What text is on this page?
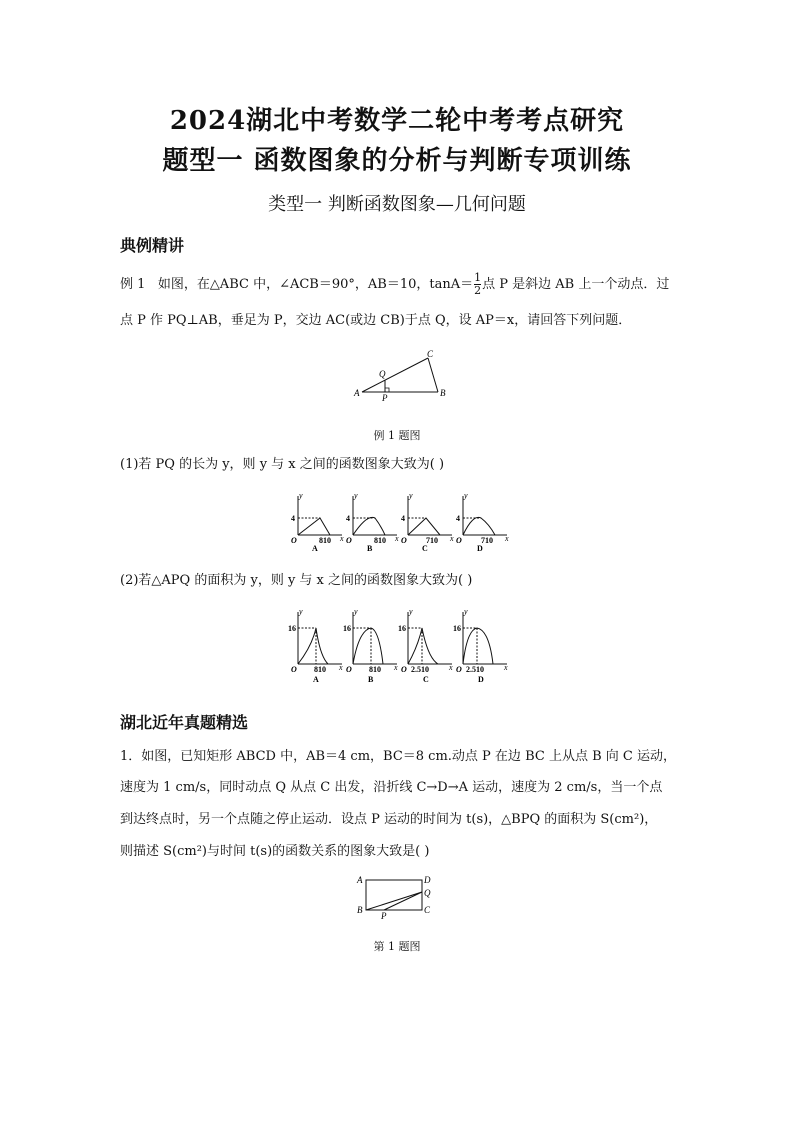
2024湖北中考数学二轮中考考点研究
题型一 函数图象的分析与判断专项训练
类型一 判断函数图象—几何问题
典例精讲
例 1 如图，在△ABC 中，∠ACB＝90°，AB＝10，$\tan A= \frac{1}{2}$ 点 P 是斜边 AB 上一个动点．过
点 P 作 PQ⊥AB，垂足为 P，交边 AC(或边 CB)于点 Q，设 AP＝x，请回答下列问题．
A	B
C
P
Q
例 1 题图
(1)若 PQ 的长为 y，则 y 与 x 之间的函数图象大致为( )
y
4
O	810 x
A
y
4
O	810 x
B
y
4
O 710 x
C
y
4
O 710 x
D
(2)若△APQ 的面积为 y，则 y 与 x 之间的函数图象大致为( )
y
16
O 810 x
A
y
16
O 810 x
B
y
16
O 2.510	x
C
y
16
O 2.510	x
D
湖北近年真题精选
1．如图，已知矩形 ABCD 中，AB＝4 cm，BC＝8 cm.动点 P 在边 BC 上从点 B 向 C 运动，
速度为 1 cm/s，同时动点 Q 从点 C 出发，沿折线 C→D→A 运动，速度为 2 cm/s，当一个点
到达终点时，另一个点随之停止运动．设点 P 运动的时间为 t(s)，△BPQ 的面积为 S(cm²)，
则描述 S(cm²)与时间 t(s)的函数关系的图象大致是( )
A
B	C
D
P
Q
第 1 题图
